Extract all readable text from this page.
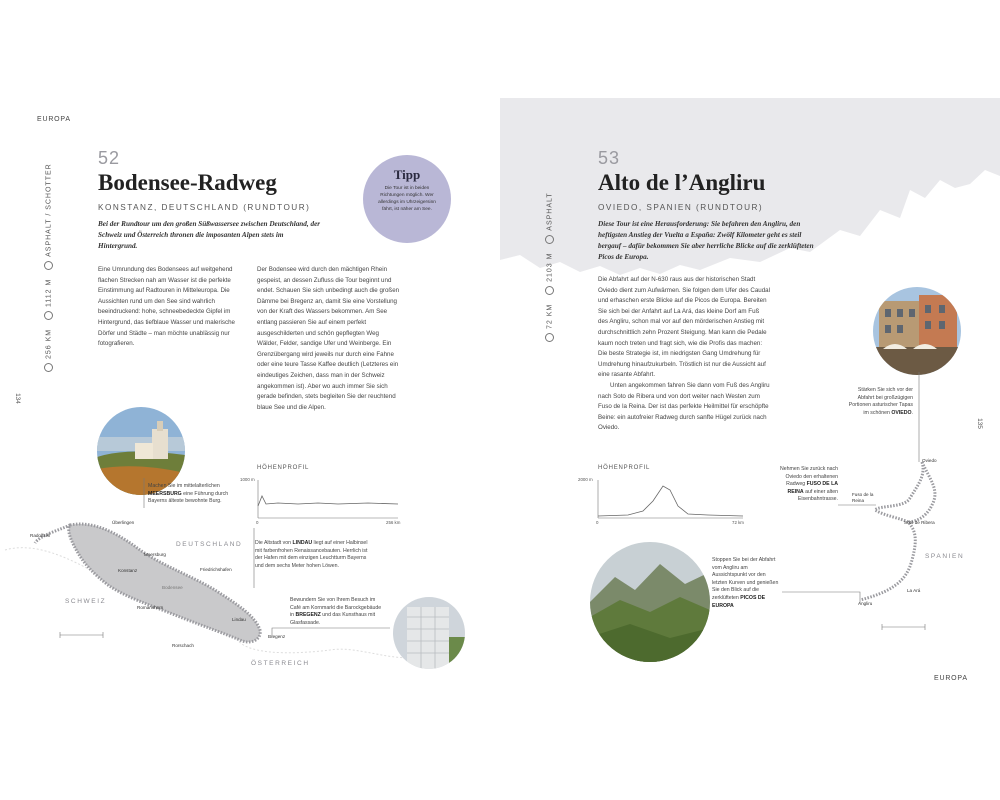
EUROPA
EUROPA
134
135
52
Bodensee-Radweg
KONSTANZ, DEUTSCHLAND (RUNDTOUR)
Bei der Rundtour um den großen Süßwassersee zwischen Deutschland, der Schweiz und Österreich thronen die imposanten Alpen stets im Hintergrund.
Tipp
Die Tour ist in beiden Richtungen möglich. Wer allerdings im Uhrzeigersinn fährt, ist näher am See.
256 KM   1112 M   ASPHALT / SCHOTTER
Eine Umrundung des Bodensees auf weitgehend flachen Strecken nah am Wasser ist die perfekte Einstimmung auf Radtouren in Mitteleuropa. Die Aussichten rund um den See sind wahrlich beeindruckend: hohe, schneebedeckte Gipfel im Hintergrund, das tiefblaue Wasser und malerische Dörfer und Städte – man möchte unablässig nur fotografieren.
Der Bodensee wird durch den mächtigen Rhein gespeist, an dessen Zufluss die Tour beginnt und endet. Schauen Sie sich unbedingt auch die großen Dämme bei Bregenz an, damit Sie eine Vorstellung von der Kraft des Wassers bekommen. Am See entlang passieren Sie auf einem perfekt ausgeschilderten und schön gepflegten Weg Wälder, Felder, sandige Ufer und Weinberge. Ein Grenzübergang wird jeweils nur durch eine Fahne oder eine teure Tasse Kaffee deutlich (Letzteres ein eindeutiges Zeichen, dass man in der Schweiz angekommen ist). Aber wo auch immer Sie sich gerade befinden, stets begleiten Sie der reuchtend blaue See und die Alpen.
Machen Sie im mittelalterlichen MEERSBURG eine Führung durch Bayerns älteste bewohnte Burg.
HÖHENPROFIL
1000 m
0	256 km
DEUTSCHLAND
SCHWEIZ
ÖSTERREICH
Bodensee
Überlingen
Radolfzell
Meersburg
Konstanz	Friedrichshafen
Romanshorn
Lindau
Bregenz
Rorschach
Die Altstadt von LINDAU liegt auf einer Halbinsel mit farbenfrohen Renaissancebauten. Herrlich ist der Hafen mit dem einzigen Leuchtturm Bayerns und dem sechs Meter hohen Löwen.
Bewundern Sie von Ihrem Besuch im Café am Kornmarkt die Barockgebäude in BREGENZ und das Kunsthaus mit Glasfassade.
53
Alto de l’Angliru
OVIEDO, SPANIEN (RUNDTOUR)
Diese Tour ist eine Herausforderung: Sie befahren den Angliru, den heftigsten Anstieg der Vuelta a España: Zwölf Kilometer geht es steil bergauf – dafür bekommen Sie aber herrliche Blicke auf die zerklüfteten Picos de Europa.
72 KM   2103 M   ASPHALT

Die Abfahrt auf der N-630 raus aus der historischen Stadt Oviedo dient zum Aufwärmen. Sie folgen dem Ufer des Caudal und erhaschen erste Blicke auf die Picos de Europa. Bereiten Sie sich bei der Anfahrt auf La Ará, das kleine Dorf am Fuß des Angliru, schon mal vor auf den mörderischen Anstieg mit durchschnittlich zehn Prozent Steigung. Man kann die Pedale kaum noch treten und fragt sich, wie die Profis das machen: Die beste Strategie ist, im niedrigsten Gang Umdrehung für Umdrehung hinaufzukurbeln. Tröstlich ist nur die Aussicht auf eine rasante Abfahrt.

Unten angekommen fahren Sie dann vom Fuß des Angliru nach Soto de Ribera und von dort weiter nach Westen zum Fuso de la Reina. Der ist das perfekte Heilmittel für erschöpfte Beine: ein autofreier Radweg durch sanfte Hügel zurück nach Oviedo.

Stärken Sie sich vor der Abfahrt bei großzügigen Portionen asturischer Tapas im schönen OVIEDO.
HÖHENPROFIL
2000 m
0	72 km
Nehmen Sie zurück nach Oviedo den erhaltenen Radweg FUSO DE LA REINA auf einer alten Eisenbahntrasse.
Stoppen Sie bei der Abfahrt vom Angliru am Aussichtspunkt vor den letzten Kurven und genießen Sie den Blick auf die zerklüfteten PICOS DE EUROPA
Oviedo
Fuso de la Reina
Soto de Ribera
La Ará
Angliru
SPANIEN
